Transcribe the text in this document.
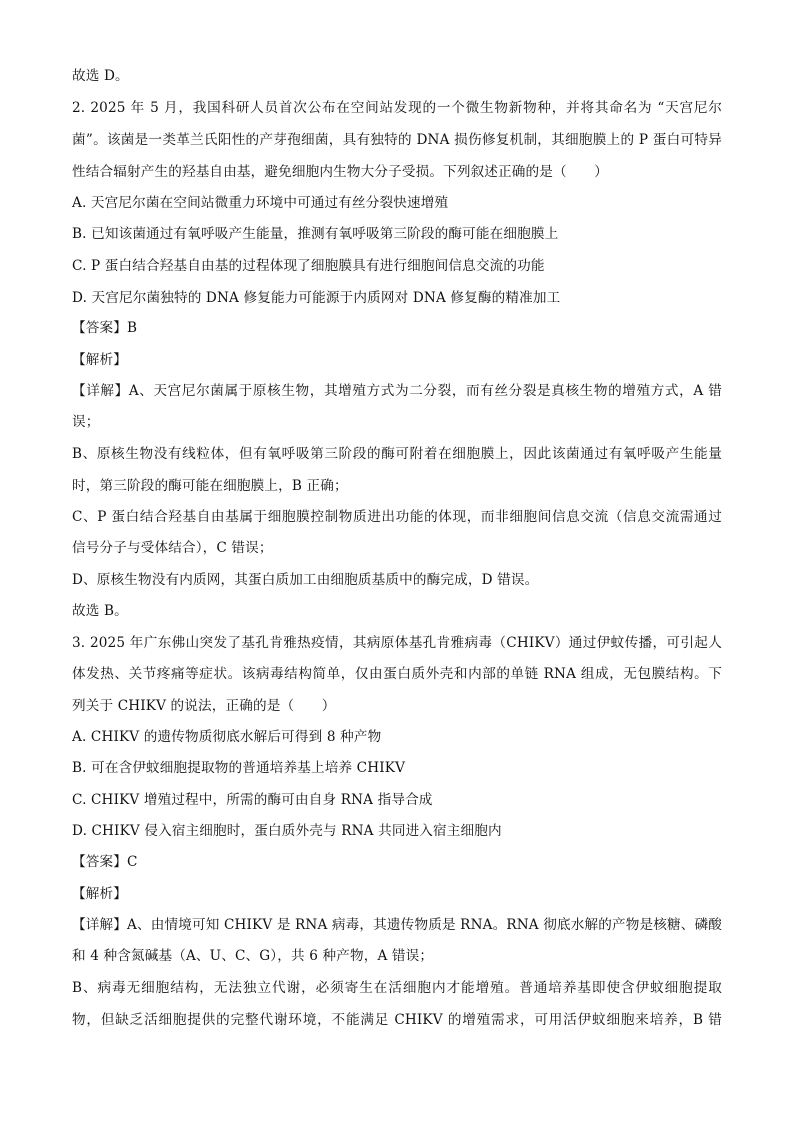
故选 D。
2. 2025 年 5 月，我国科研人员首次公布在空间站发现的一个微生物新物种，并将其命名为 “天宫尼尔
菌”。该菌是一类革兰氏阳性的产芽孢细菌，具有独特的 DNA 损伤修复机制，其细胞膜上的 P 蛋白可特异
性结合辐射产生的羟基自由基，避免细胞内生物大分子受损。下列叙述正确的是（　　）
A. 天宫尼尔菌在空间站微重力环境中可通过有丝分裂快速增殖
B. 已知该菌通过有氧呼吸产生能量，推测有氧呼吸第三阶段的酶可能在细胞膜上
C. P 蛋白结合羟基自由基的过程体现了细胞膜具有进行细胞间信息交流的功能
D. 天宫尼尔菌独特的 DNA 修复能力可能源于内质网对 DNA 修复酶的精准加工
【答案】B
【解析】
【详解】A、天宫尼尔菌属于原核生物，其增殖方式为二分裂，而有丝分裂是真核生物的增殖方式，A 错
误；
B、原核生物没有线粒体，但有氧呼吸第三阶段的酶可附着在细胞膜上，因此该菌通过有氧呼吸产生能量
时，第三阶段的酶可能在细胞膜上，B 正确；
C、P 蛋白结合羟基自由基属于细胞膜控制物质进出功能的体现，而非细胞间信息交流（信息交流需通过
信号分子与受体结合），C 错误；
D、原核生物没有内质网，其蛋白质加工由细胞质基质中的酶完成，D 错误。
故选 B。
3. 2025 年广东佛山突发了基孔肯雅热疫情，其病原体基孔肯雅病毒（CHIKV）通过伊蚊传播，可引起人
体发热、关节疼痛等症状。该病毒结构简单，仅由蛋白质外壳和内部的单链 RNA 组成，无包膜结构。下
列关于 CHIKV 的说法，正确的是（　　）
A. CHIKV 的遗传物质彻底水解后可得到 8 种产物
B. 可在含伊蚊细胞提取物的普通培养基上培养 CHIKV
C. CHIKV 增殖过程中，所需的酶可由自身 RNA 指导合成
D. CHIKV 侵入宿主细胞时，蛋白质外壳与 RNA 共同进入宿主细胞内
【答案】C
【解析】
【详解】A、由情境可知 CHIKV 是 RNA 病毒，其遗传物质是 RNA。RNA 彻底水解的产物是核糖、磷酸
和 4 种含氮碱基（A、U、C、G），共 6 种产物，A 错误；
B、病毒无细胞结构，无法独立代谢，必须寄生在活细胞内才能增殖。普通培养基即使含伊蚊细胞提取
物，但缺乏活细胞提供的完整代谢环境，不能满足 CHIKV 的增殖需求，可用活伊蚊细胞来培养，B 错
